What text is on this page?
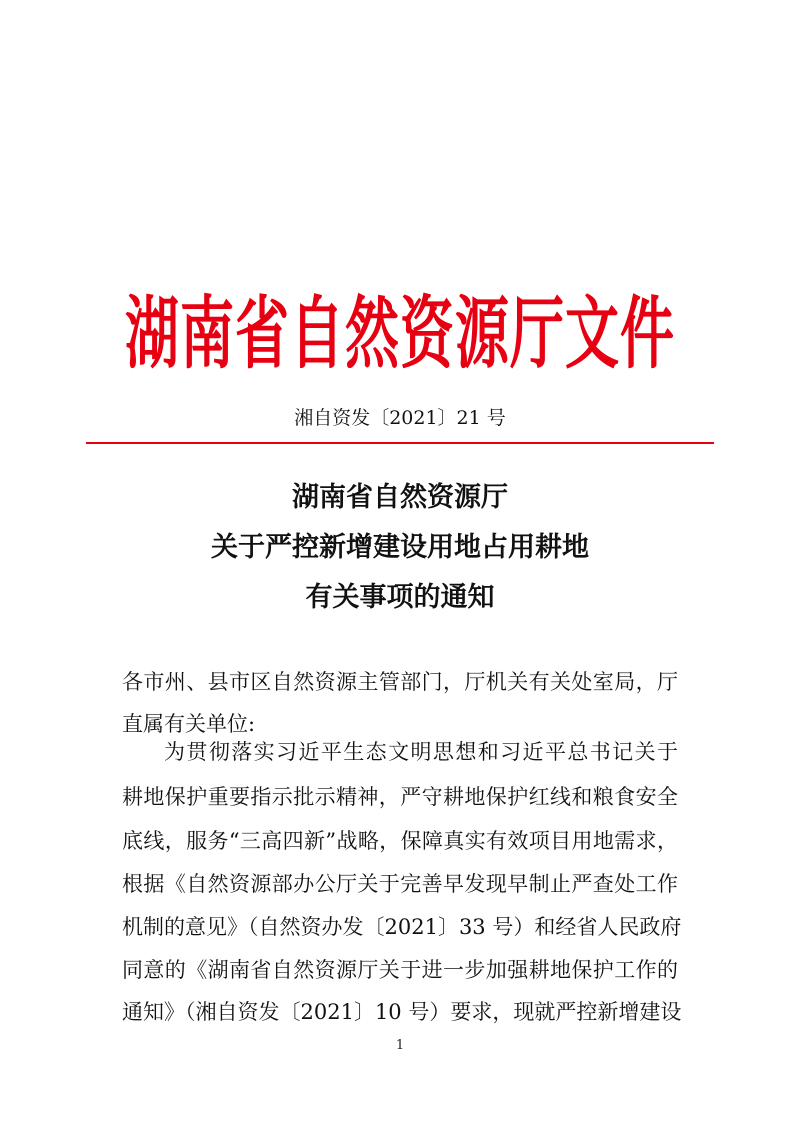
湖南省自然资源厅文件
湘自资发〔2021〕21 号
湖南省自然资源厅
关于严控新增建设用地占用耕地
有关事项的通知
各市州、县市区自然资源主管部门，厅机关有关处室局，厅
直属有关单位:
为贯彻落实习近平生态文明思想和习近平总书记关于
耕地保护重要指示批示精神，严守耕地保护红线和粮食安全
底线，服务“三高四新”战略，保障真实有效项目用地需求，
根据《自然资源部办公厅关于完善早发现早制止严查处工作
机制的意见》（自然资办发〔2021〕33 号）和经省人民政府
同意的《湖南省自然资源厅关于进一步加强耕地保护工作的
通知》（湘自资发〔2021〕10 号）要求，现就严控新增建设
1
